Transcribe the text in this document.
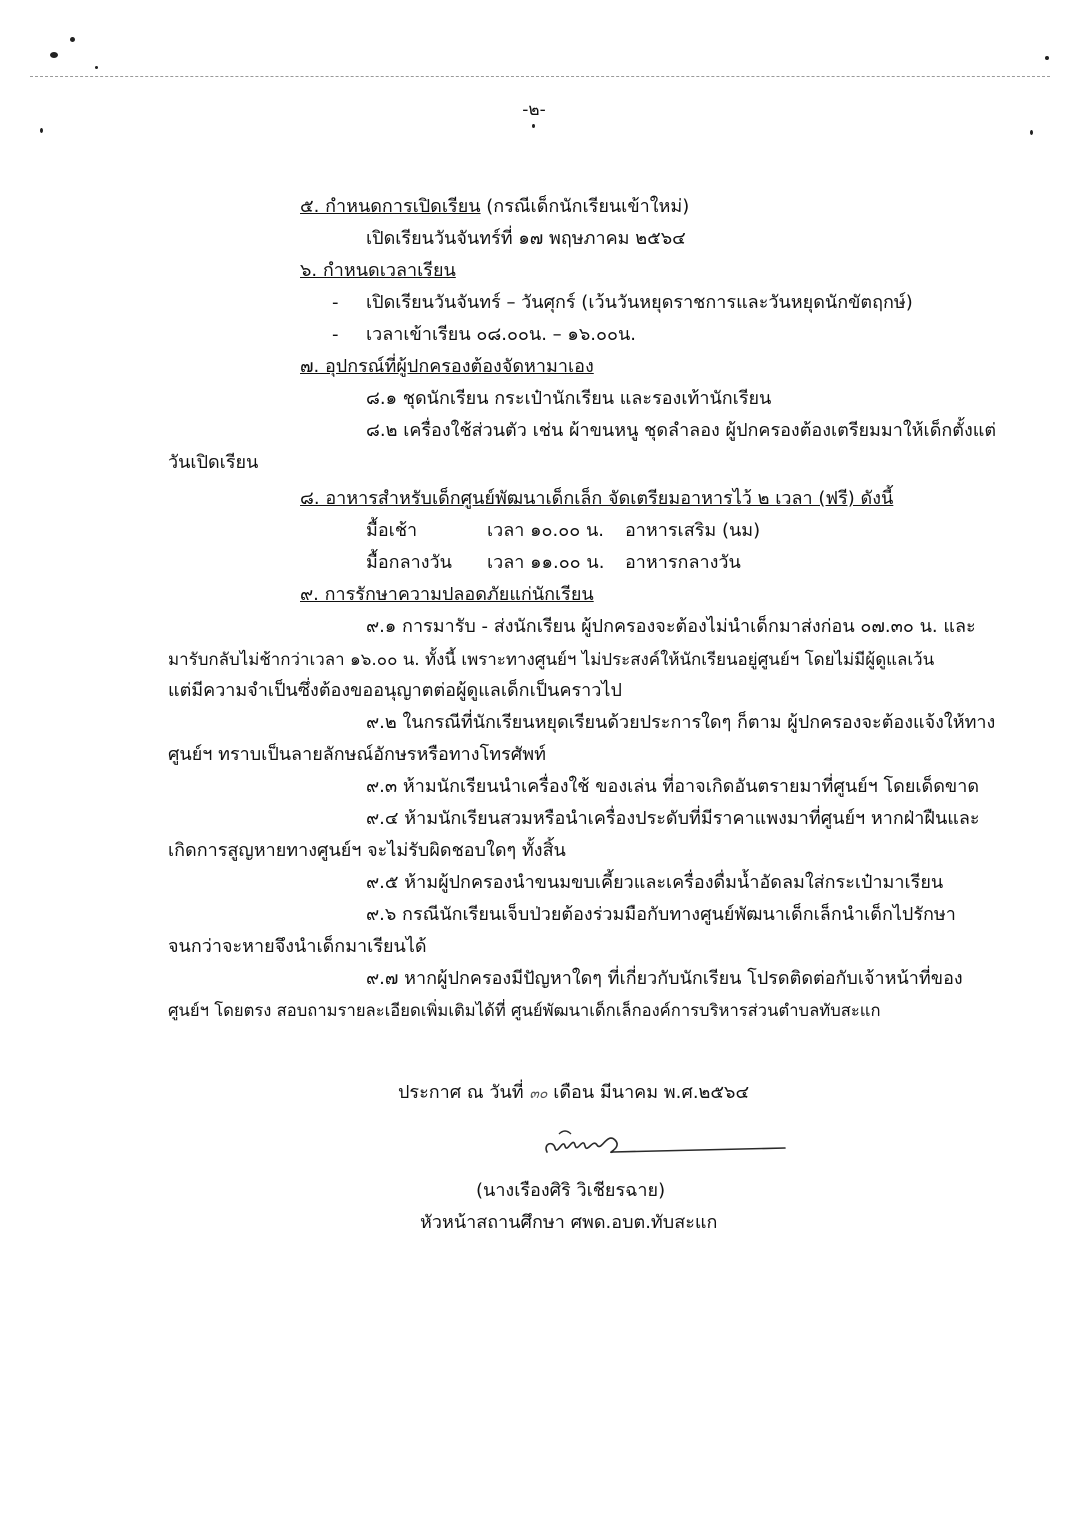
-๒-
๕. กำหนดการเปิดเรียน (กรณีเด็กนักเรียนเข้าใหม่)
เปิดเรียนวันจันทร์ที่ ๑๗ พฤษภาคม ๒๕๖๔
๖. กำหนดเวลาเรียน
- เปิดเรียนวันจันทร์ – วันศุกร์ (เว้นวันหยุดราชการและวันหยุดนักขัตฤกษ์)
- เวลาเข้าเรียน ๐๘.๐๐น. – ๑๖.๐๐น.
๗. อุปกรณ์ที่ผู้ปกครองต้องจัดหามาเอง
๘.๑ ชุดนักเรียน กระเป๋านักเรียน และรองเท้านักเรียน
๘.๒ เครื่องใช้ส่วนตัว เช่น ผ้าขนหนู ชุดลำลอง ผู้ปกครองต้องเตรียมมาให้เด็กตั้งแต่
วันเปิดเรียน
๘. อาหารสำหรับเด็กศูนย์พัฒนาเด็กเล็ก จัดเตรียมอาหารไว้ ๒ เวลา (ฟรี) ดังนี้
มื้อเช้า	เวลา ๑๐.๐๐ น. อาหารเสริม (นม)
มื้อกลางวัน เวลา ๑๑.๐๐ น. อาหารกลางวัน
๙. การรักษาความปลอดภัยแก่นักเรียน
๙.๑ การมารับ - ส่งนักเรียน ผู้ปกครองจะต้องไม่นำเด็กมาส่งก่อน ๐๗.๓๐ น. และ
มารับกลับไม่ช้ากว่าเวลา ๑๖.๐๐ น. ทั้งนี้ เพราะทางศูนย์ฯ ไม่ประสงค์ให้นักเรียนอยู่ศูนย์ฯ โดยไม่มีผู้ดูแลเว้น
แต่มีความจำเป็นซึ่งต้องขออนุญาตต่อผู้ดูแลเด็กเป็นคราวไป
๙.๒ ในกรณีที่นักเรียนหยุดเรียนด้วยประการใดๆ ก็ตาม ผู้ปกครองจะต้องแจ้งให้ทาง
ศูนย์ฯ ทราบเป็นลายลักษณ์อักษรหรือทางโทรศัพท์
๙.๓ ห้ามนักเรียนนำเครื่องใช้ ของเล่น ที่อาจเกิดอันตรายมาที่ศูนย์ฯ โดยเด็ดขาด
๙.๔ ห้ามนักเรียนสวมหรือนำเครื่องประดับที่มีราคาแพงมาที่ศูนย์ฯ หากฝ่าฝืนและ
เกิดการสูญหายทางศูนย์ฯ จะไม่รับผิดชอบใดๆ ทั้งสิ้น
๙.๕ ห้ามผู้ปกครองนำขนมขบเคี้ยวและเครื่องดื่มน้ำอัดลมใส่กระเป๋ามาเรียน
๙.๖ กรณีนักเรียนเจ็บป่วยต้องร่วมมือกับทางศูนย์พัฒนาเด็กเล็กนำเด็กไปรักษา
จนกว่าจะหายจึงนำเด็กมาเรียนได้
๙.๗ หากผู้ปกครองมีปัญหาใดๆ ที่เกี่ยวกับนักเรียน โปรดติดต่อกับเจ้าหน้าที่ของ
ศูนย์ฯ โดยตรง สอบถามรายละเอียดเพิ่มเติมได้ที่ ศูนย์พัฒนาเด็กเล็กองค์การบริหารส่วนตำบลทับสะแก
ประกาศ ณ วันที่ ๓๐ เดือน มีนาคม พ.ศ.๒๕๖๔
(นางเรืองศิริ วิเชียรฉาย)
หัวหน้าสถานศึกษา ศพด.อบต.ทับสะแก
